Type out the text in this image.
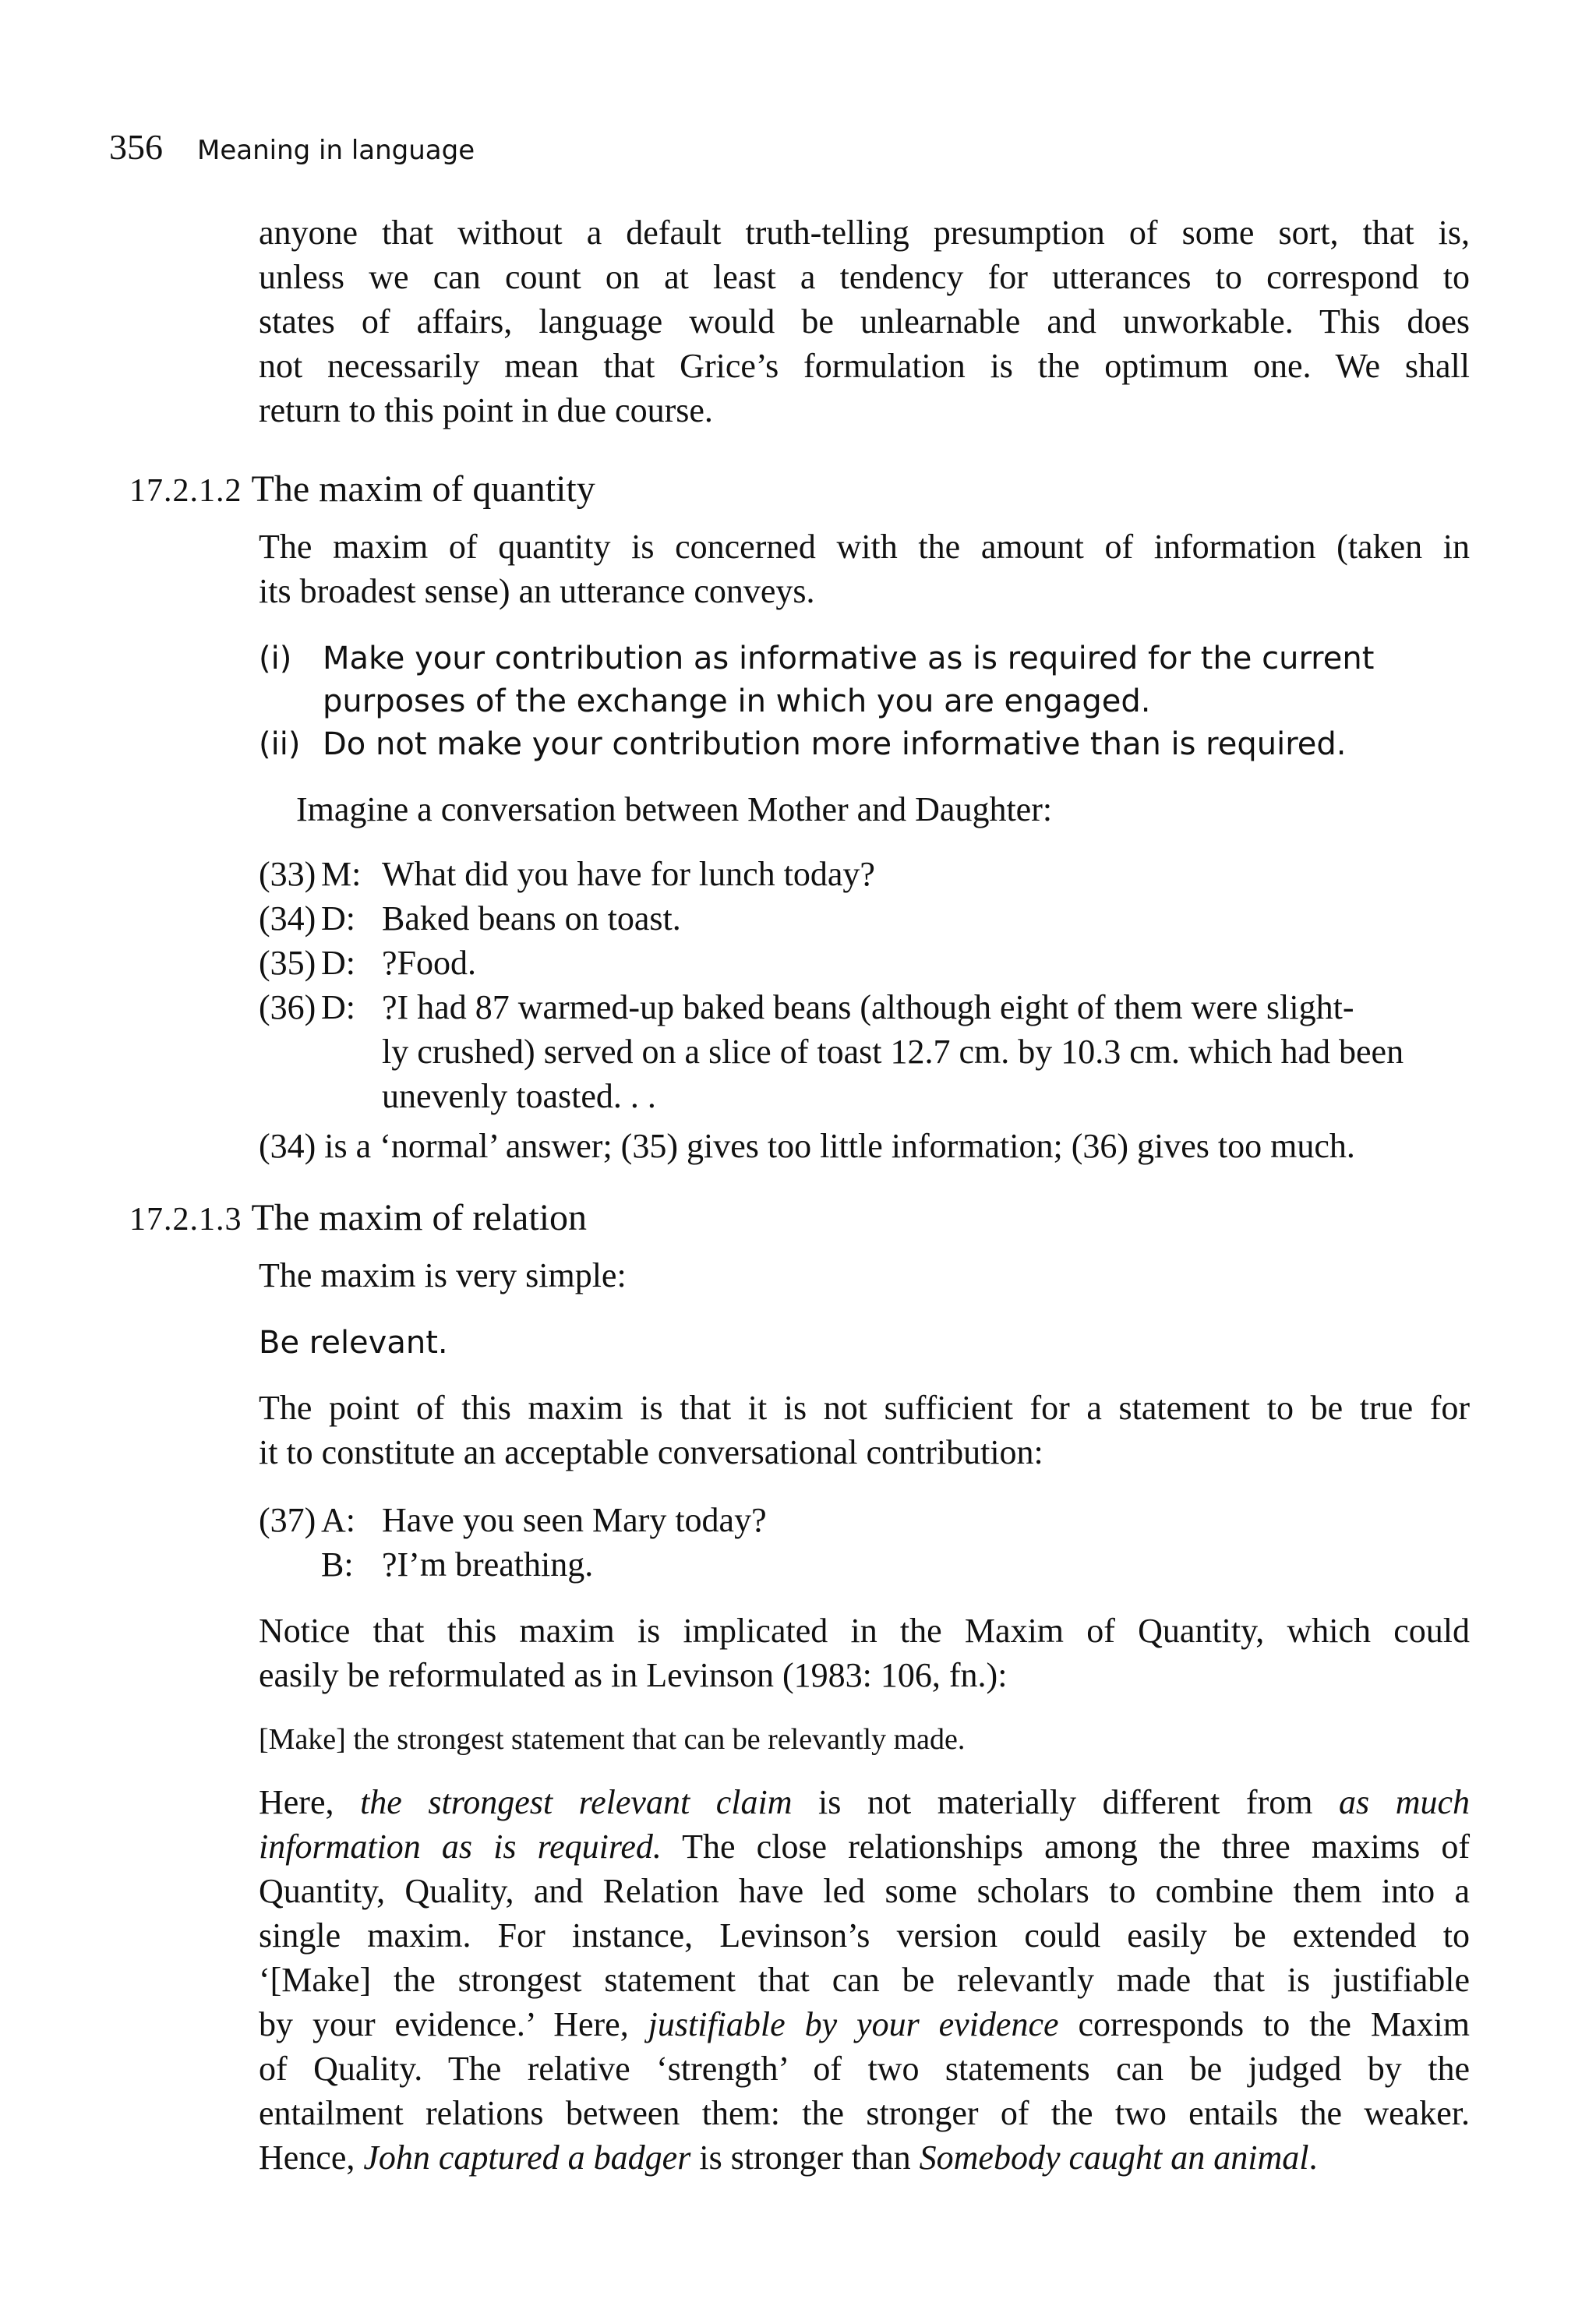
356 Meaning in language

anyone that without a default truth-telling presumption of some sort, that is,
unless we can count on at least a tendency for utterances to correspond to
states of affairs, language would be unlearnable and unworkable. This does
not necessarily mean that Grice’s formulation is the optimum one. We shall
return to this point in due course.

17.2.1.2 The maxim of quantity

The maxim of quantity is concerned with the amount of information (taken in
its broadest sense) an utterance conveys.

(i) Make your contribution as informative as is required for the current
purposes of the exchange in which you are engaged.
(ii) Do not make your contribution more informative than is required.

Imagine a conversation between Mother and Daughter:

(33) M: What did you have for lunch today?
(34) D: Baked beans on toast.
(35) D: ?Food.
(36) D: ?I had 87 warmed-up baked beans (although eight of them were slight-
ly crushed) served on a slice of toast 12.7 cm. by 10.3 cm. which had been
unevenly toasted. . .

(34) is a ‘normal’ answer; (35) gives too little information; (36) gives too much.

17.2.1.3 The maxim of relation

The maxim is very simple:

Be relevant.

The point of this maxim is that it is not sufficient for a statement to be true for
it to constitute an acceptable conversational contribution:

(37) A: Have you seen Mary today?
B: ?I’m breathing.

Notice that this maxim is implicated in the Maxim of Quantity, which could
easily be reformulated as in Levinson (1983: 106, fn.):

[Make] the strongest statement that can be relevantly made.

Here, the strongest relevant claim is not materially different from as much
information as is required. The close relationships among the three maxims of
Quantity, Quality, and Relation have led some scholars to combine them into a
single maxim. For instance, Levinson’s version could easily be extended to
‘[Make] the strongest statement that can be relevantly made that is justifiable
by your evidence.’ Here, justifiable by your evidence corresponds to the Maxim
of Quality. The relative ‘strength’ of two statements can be judged by the
entailment relations between them: the stronger of the two entails the weaker.
Hence, John captured a badger is stronger than Somebody caught an animal.
